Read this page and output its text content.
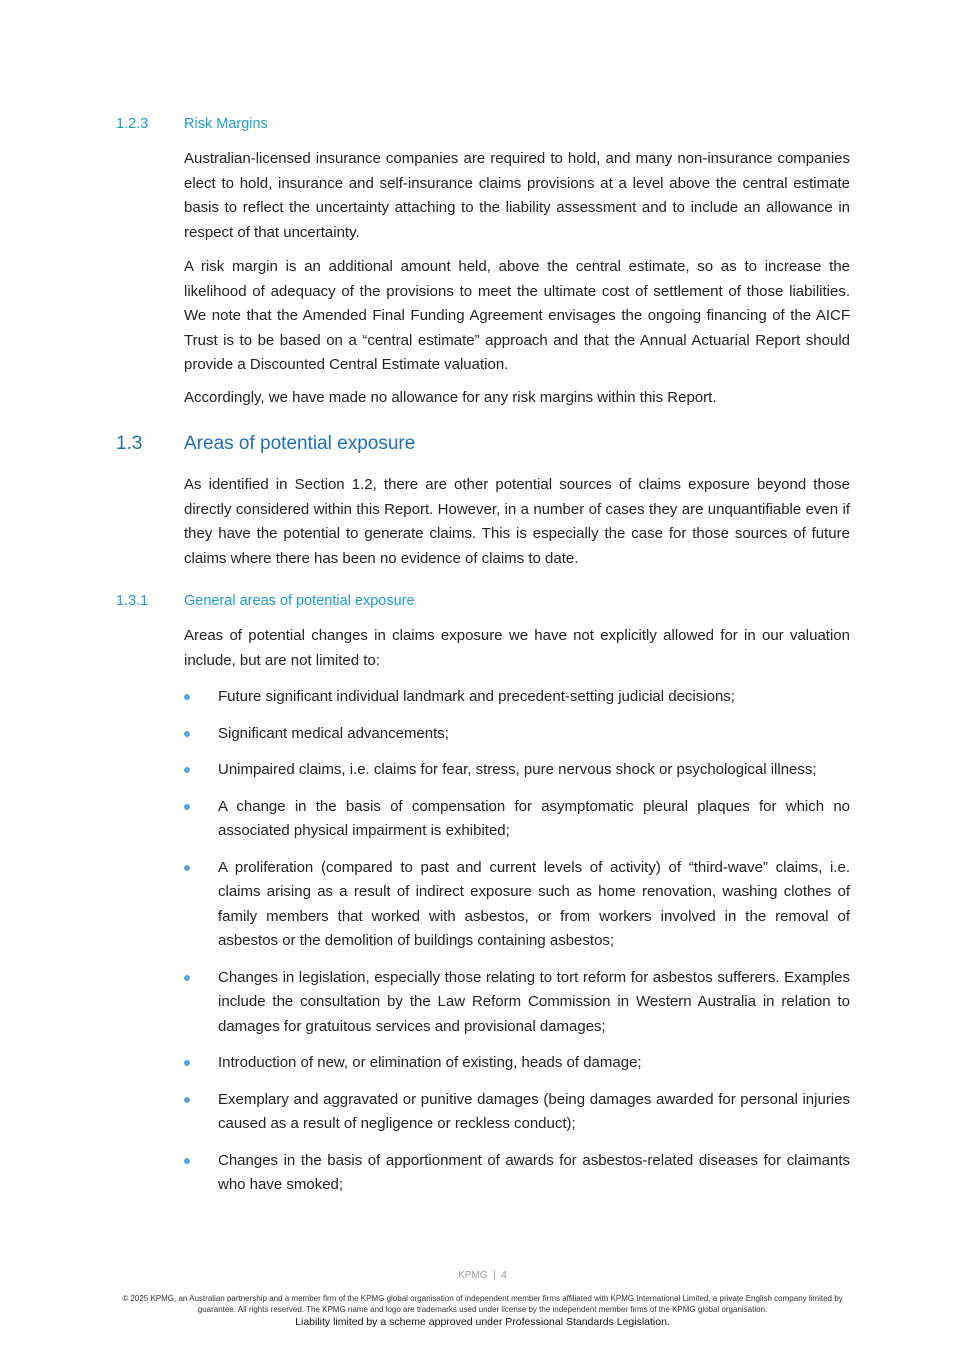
1.2.3	Risk Margins

Australian-licensed insurance companies are required to hold, and many non-insurance companies elect to hold, insurance and self-insurance claims provisions at a level above the central estimate basis to reflect the uncertainty attaching to the liability assessment and to include an allowance in respect of that uncertainty.

A risk margin is an additional amount held, above the central estimate, so as to increase the likelihood of adequacy of the provisions to meet the ultimate cost of settlement of those liabilities. We note that the Amended Final Funding Agreement envisages the ongoing financing of the AICF Trust is to be based on a “central estimate” approach and that the Annual Actuarial Report should provide a Discounted Central Estimate valuation.

Accordingly, we have made no allowance for any risk margins within this Report.

1.3	Areas of potential exposure

As identified in Section 1.2, there are other potential sources of claims exposure beyond those directly considered within this Report. However, in a number of cases they are unquantifiable even if they have the potential to generate claims. This is especially the case for those sources of future claims where there has been no evidence of claims to date.

1.3.1	General areas of potential exposure

Areas of potential changes in claims exposure we have not explicitly allowed for in our valuation include, but are not limited to:

Future significant individual landmark and precedent-setting judicial decisions;
Significant medical advancements;
Unimpaired claims, i.e. claims for fear, stress, pure nervous shock or psychological illness;
A change in the basis of compensation for asymptomatic pleural plaques for which no associated physical impairment is exhibited;
A proliferation (compared to past and current levels of activity) of “third-wave” claims, i.e. claims arising as a result of indirect exposure such as home renovation, washing clothes of family members that worked with asbestos, or from workers involved in the removal of asbestos or the demolition of buildings containing asbestos;
Changes in legislation, especially those relating to tort reform for asbestos sufferers. Examples include the consultation by the Law Reform Commission in Western Australia in relation to damages for gratuitous services and provisional damages;
Introduction of new, or elimination of existing, heads of damage;
Exemplary and aggravated or punitive damages (being damages awarded for personal injuries caused as a result of negligence or reckless conduct);
Changes in the basis of apportionment of awards for asbestos-related diseases for claimants who have smoked;
KPMG  |  4
© 2025 KPMG, an Australian partnership and a member firm of the KPMG global organisation of independent member firms affiliated with KPMG International Limited, a private English company limited by guarantee. All rights reserved. The KPMG name and logo are trademarks used under license by the independent member firms of the KPMG global organisation.
Liability limited by a scheme approved under Professional Standards Legislation.
